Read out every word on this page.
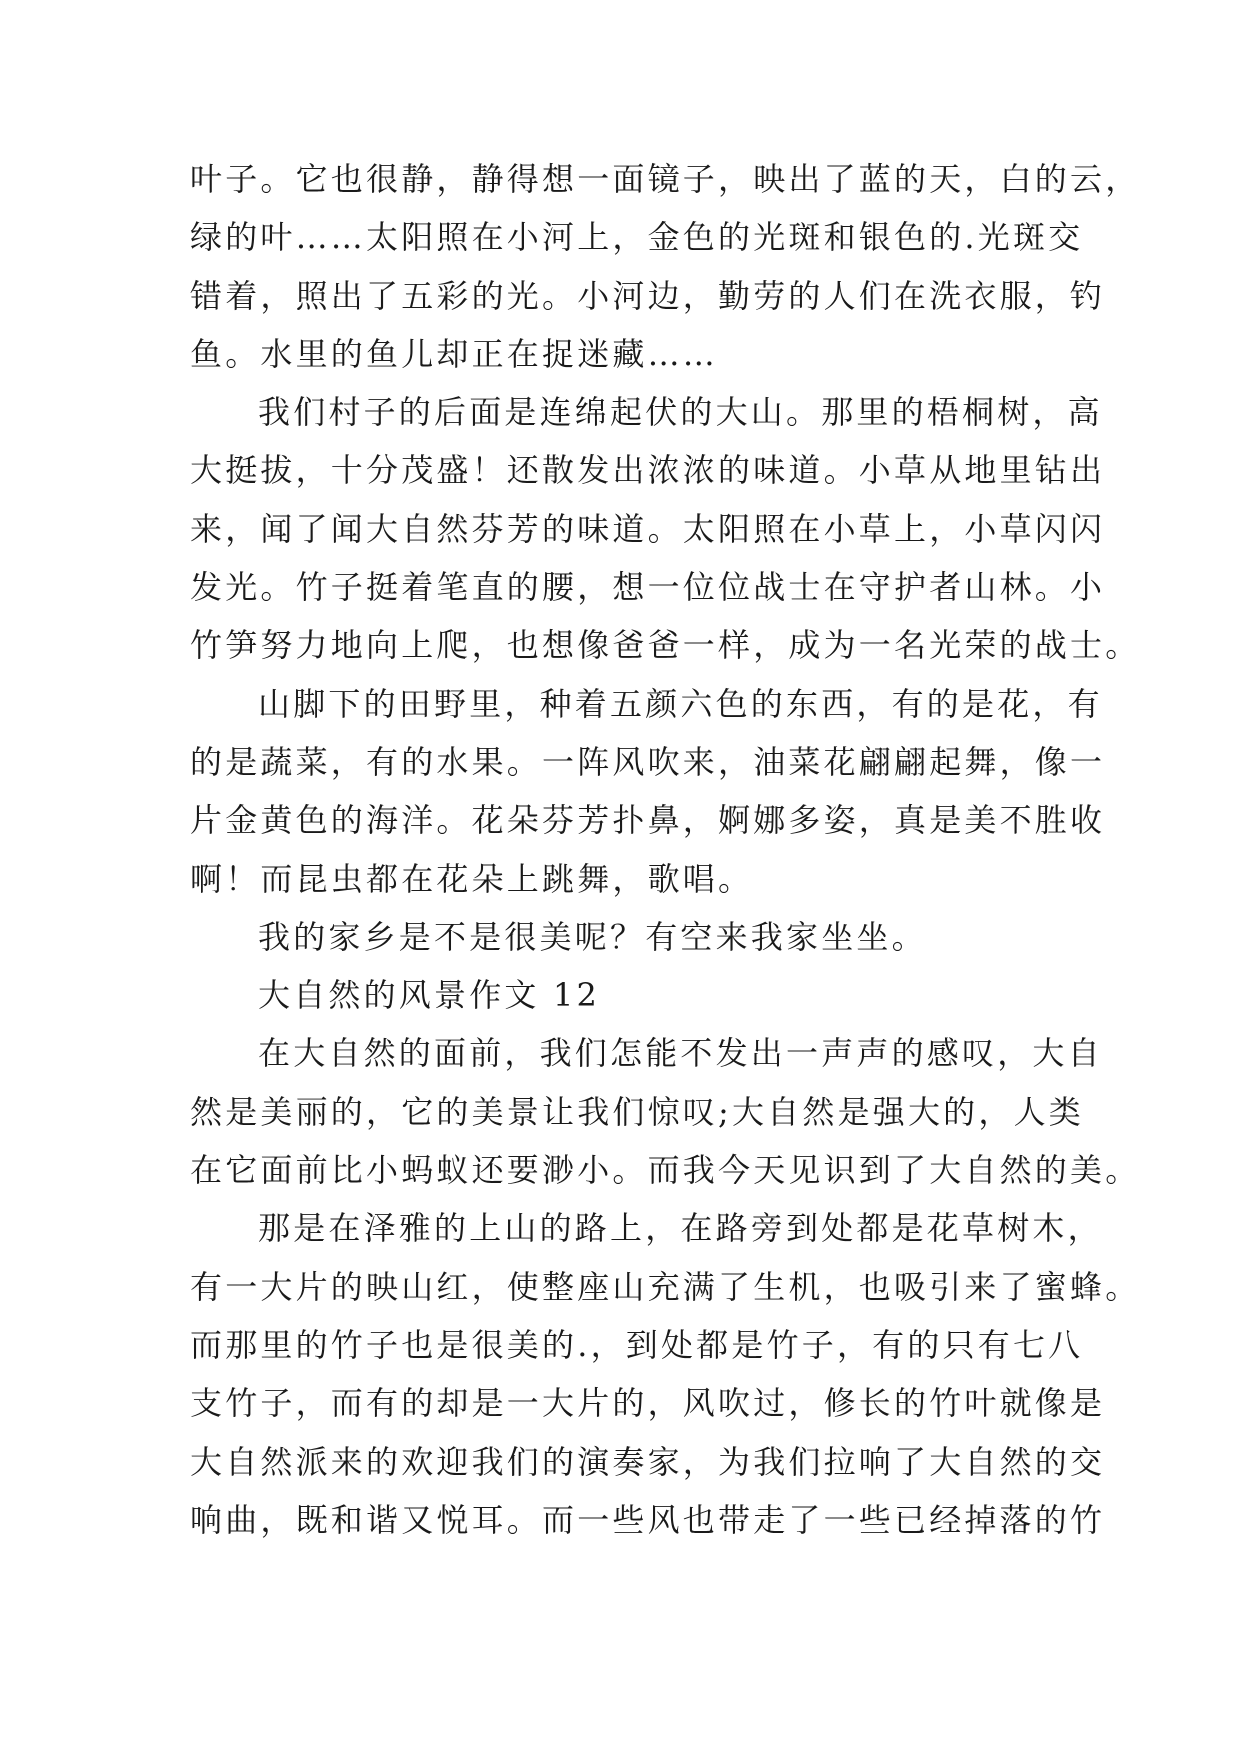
叶子。它也很静，静得想一面镜子，映出了蓝的天，白的云，
绿的叶……太阳照在小河上，金色的光斑和银色的.光斑交
错着，照出了五彩的光。小河边，勤劳的人们在洗衣服，钓
鱼。水里的鱼儿却正在捉迷藏……
我们村子的后面是连绵起伏的大山。那里的梧桐树，高
大挺拔，十分茂盛！还散发出浓浓的味道。小草从地里钻出
来，闻了闻大自然芬芳的味道。太阳照在小草上，小草闪闪
发光。竹子挺着笔直的腰，想一位位战士在守护者山林。小
竹笋努力地向上爬，也想像爸爸一样，成为一名光荣的战士。
山脚下的田野里，种着五颜六色的东西，有的是花，有
的是蔬菜，有的水果。一阵风吹来，油菜花翩翩起舞，像一
片金黄色的海洋。花朵芬芳扑鼻，婀娜多姿，真是美不胜收
啊！而昆虫都在花朵上跳舞，歌唱。
我的家乡是不是很美呢？有空来我家坐坐。
大自然的风景作文 12
在大自然的面前，我们怎能不发出一声声的感叹，大自
然是美丽的，它的美景让我们惊叹;大自然是强大的，人类
在它面前比小蚂蚁还要渺小。而我今天见识到了大自然的美。
那是在泽雅的上山的路上，在路旁到处都是花草树木，
有一大片的映山红，使整座山充满了生机，也吸引来了蜜蜂。
而那里的竹子也是很美的.，到处都是竹子，有的只有七八
支竹子，而有的却是一大片的，风吹过，修长的竹叶就像是
大自然派来的欢迎我们的演奏家，为我们拉响了大自然的交
响曲，既和谐又悦耳。而一些风也带走了一些已经掉落的竹
